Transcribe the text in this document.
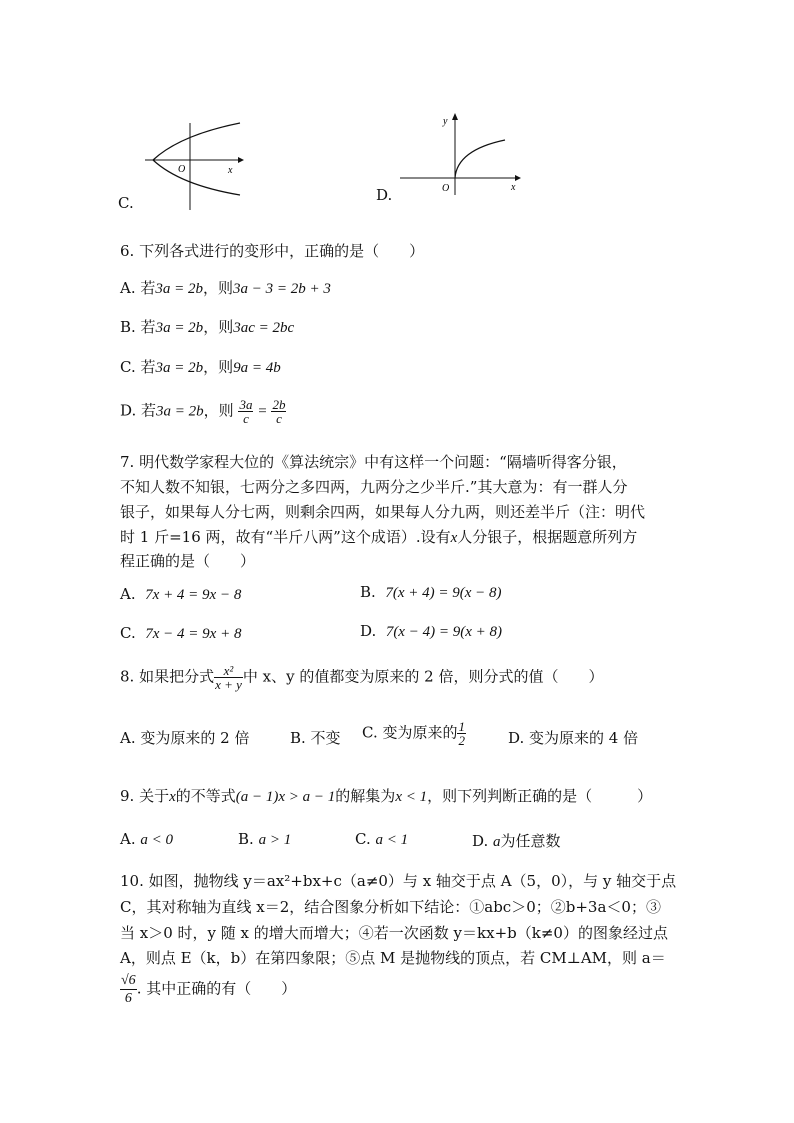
O	x
C.
y
O	x
D.
6. 下列各式进行的变形中，正确的是（　　）
A. 若3a = 2b，则3a − 3 = 2b + 3
B. 若3a = 2b，则3ac = 2bc
C. 若3a = 2b，则9a = 4b
D. 若3a = 2b，则 $\frac{3a}{c} = \frac{2b}{c}$
7. 明代数学家程大位的《算法统宗》中有这样一个问题：“隔墙听得客分银，
不知人数不知银，七两分之多四两，九两分之少半斤.”其大意为：有一群人分
银子，如果每人分七两，则剩余四两，如果每人分九两，则还差半斤（注：明代
时 1 斤=16 两，故有“半斤八两”这个成语）.设有x人分银子，根据题意所列方
程正确的是（　　）
A. 7x + 4 = 9x − 8	B. 7(x + 4) = 9(x − 8)
C. 7x − 4 = 9x + 8	D. 7(x − 4) = 9(x + 8)
8. 如果把分式 $\frac{\text{x²}}{x + y}$ 中 x、y 的值都变为原来的 2 倍，则分式的值（　　）
A. 变为原来的 2 倍	B. 不变 C. 变为原来的 $\frac{1}{2}$	D. 变为原来的 4 倍
9. 关于x的不等式(a − 1)x > a − 1的解集为x < 1，则下列判断正确的是（　　　）
A. a < 0	B. a > 1	C. a < 1	D. a为任意数
10. 如图，抛物线 y＝ax²+bx+c（a≠0）与 x 轴交于点 A（5，0），与 y 轴交于点
C，其对称轴为直线 x＝2，结合图象分析如下结论：①abc＞0；②b+3a＜0；③
当 x＞0 时，y 随 x 的增大而增大；④若一次函数 y＝kx+b（k≠0）的图象经过点
A，则点 E（k，b）在第四象限；⑤点 M 是抛物线的顶点，若 CM⊥AM，则 a＝
$\frac{√6}{6}$ . 其中正确的有（　　）
